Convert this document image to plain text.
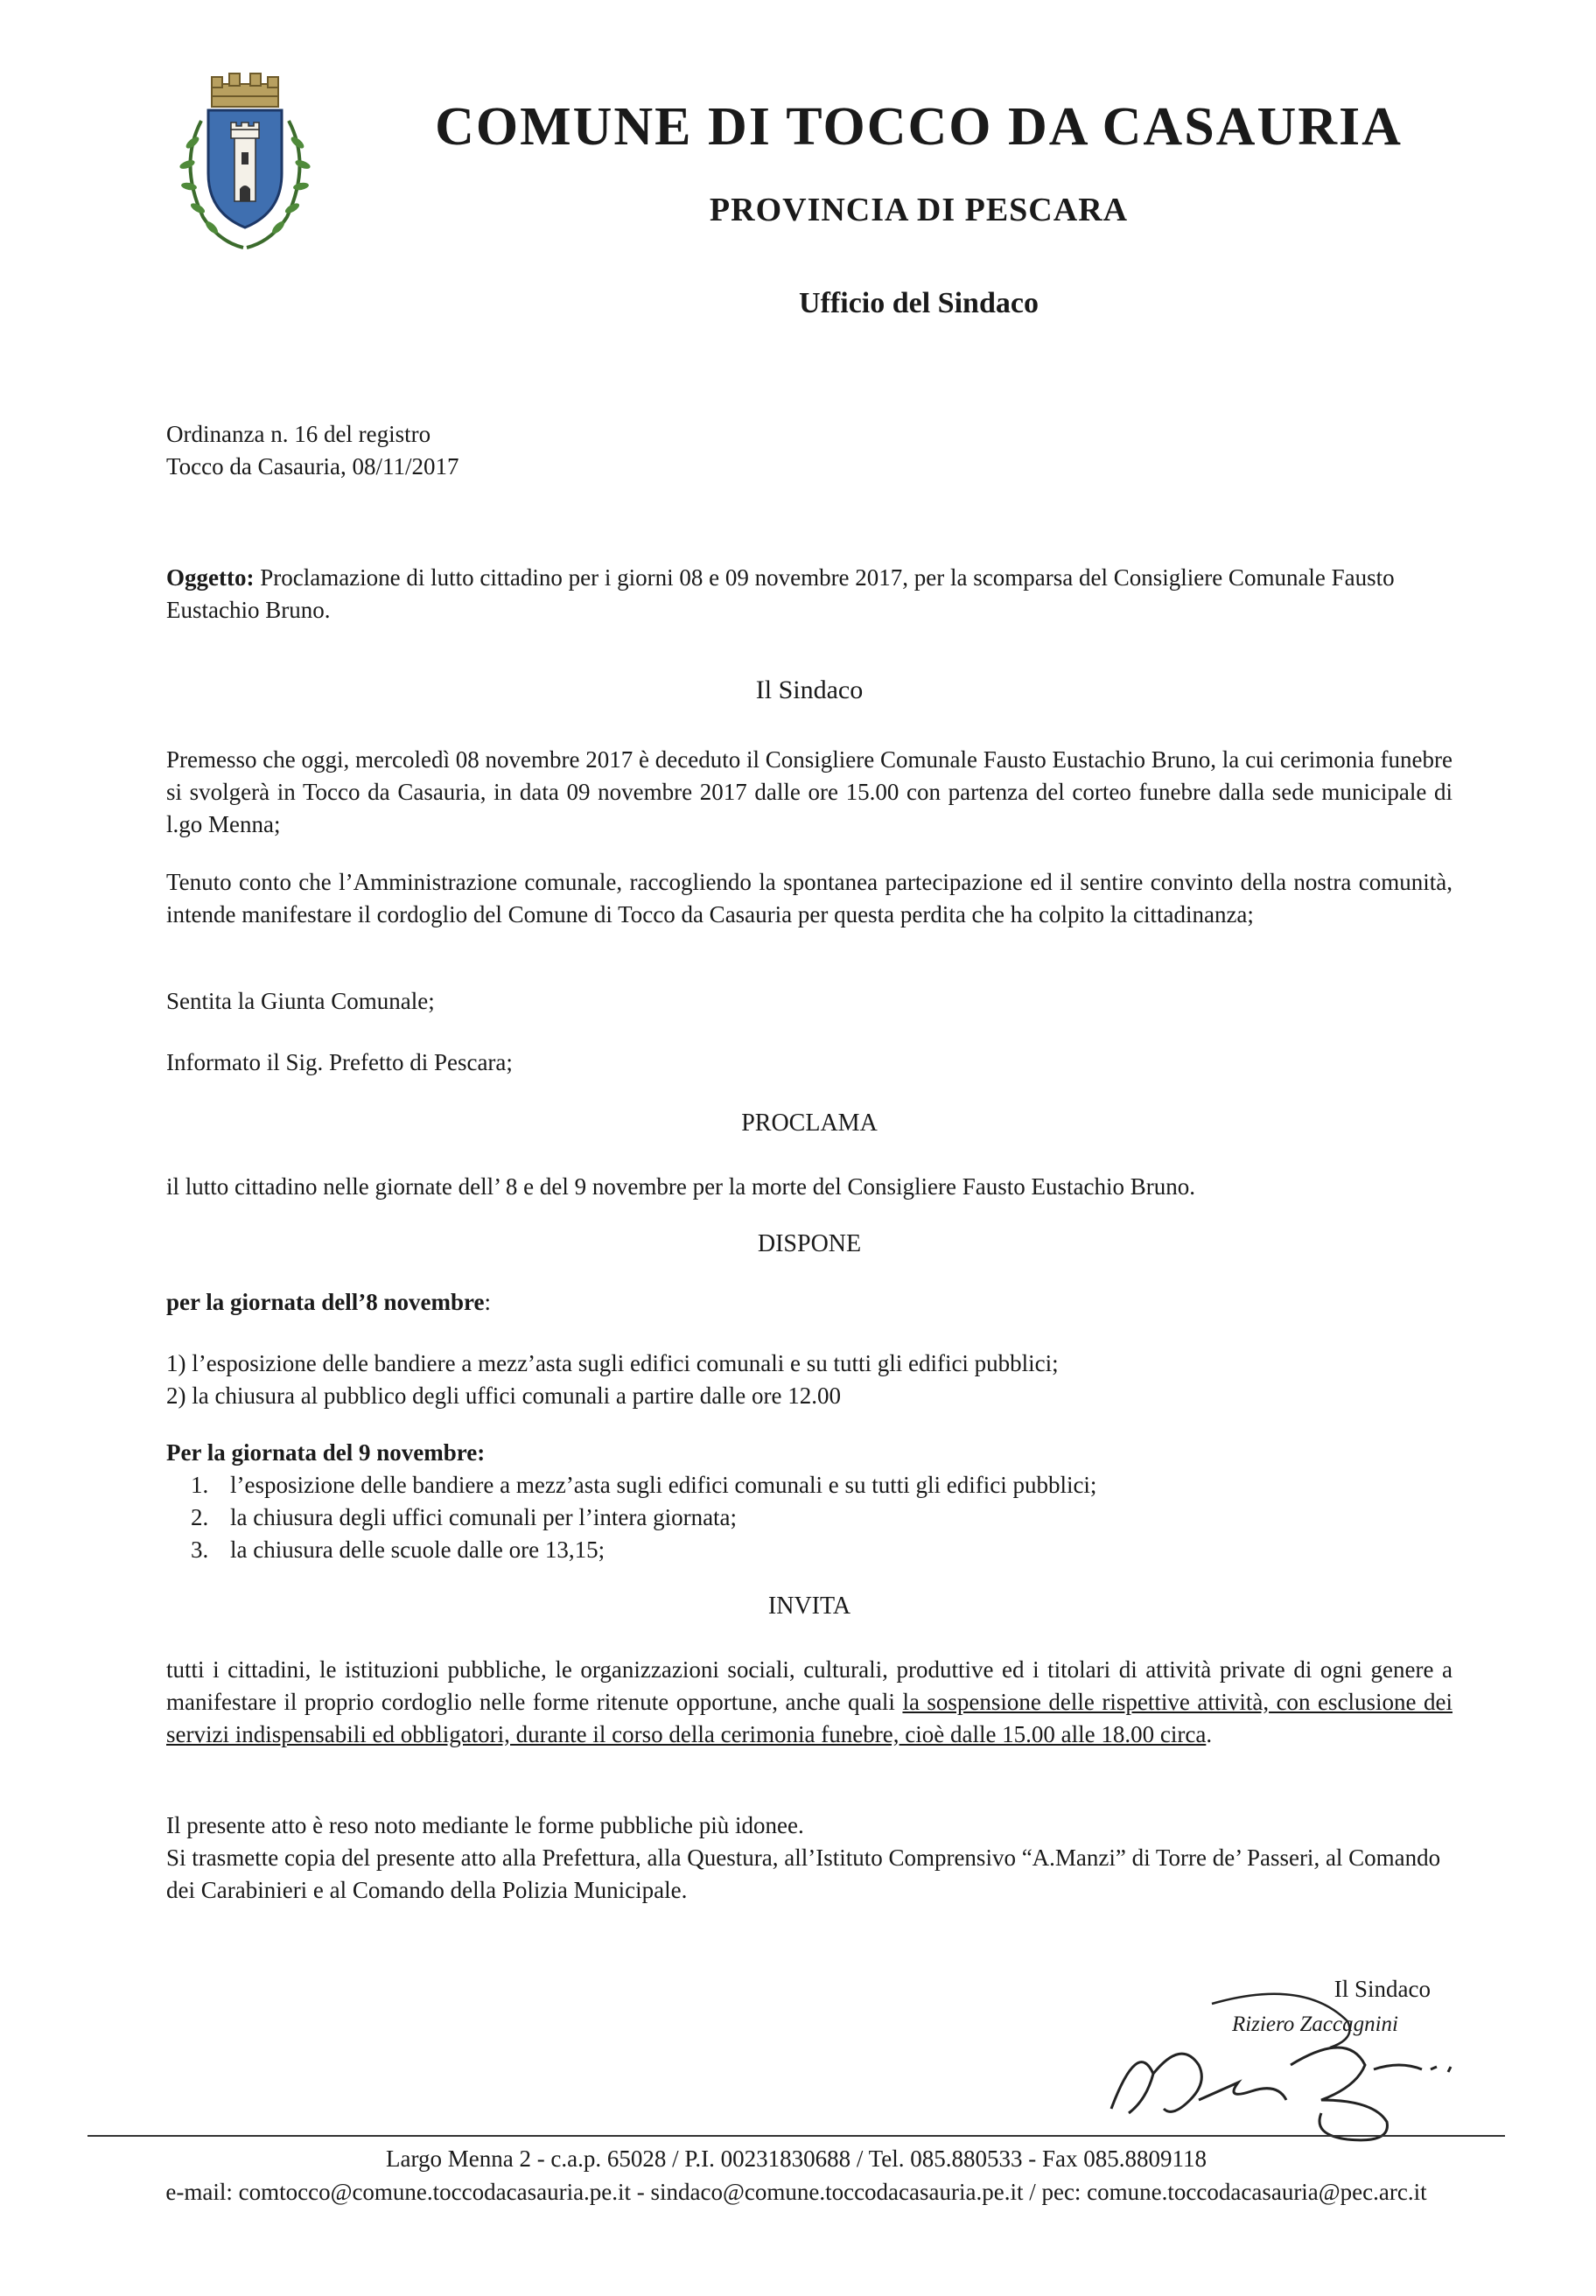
COMUNE DI TOCCO DA CASAURIA
PROVINCIA DI PESCARA
Ufficio del Sindaco

Ordinanza n. 16 del registro

Tocco da Casauria, 08/11/2017

Oggetto: Proclamazione di lutto cittadino per i giorni 08 e 09 novembre 2017, per la scomparsa del Consigliere Comunale Fausto Eustachio Bruno.

Il Sindaco

Premesso che oggi, mercoledì 08 novembre 2017 è deceduto il Consigliere Comunale Fausto Eustachio Bruno, la cui cerimonia funebre si svolgerà in Tocco da Casauria, in data 09 novembre 2017 dalle ore 15.00 con partenza del corteo funebre dalla sede municipale di l.go Menna;

Tenuto conto che l’Amministrazione comunale, raccogliendo la spontanea partecipazione ed il sentire convinto della nostra comunità, intende manifestare il cordoglio del Comune di Tocco da Casauria per questa perdita che ha colpito la cittadinanza;

Sentita la Giunta Comunale;

Informato il Sig. Prefetto di Pescara;

PROCLAMA

il lutto cittadino nelle giornate dell’ 8 e del 9 novembre per la morte del Consigliere Fausto Eustachio Bruno.

DISPONE

per la giornata dell’8 novembre:

1) l’esposizione delle bandiere a mezz’asta sugli edifici comunali e su tutti gli edifici pubblici;

2) la chiusura al pubblico degli uffici comunali a partire dalle ore 12.00

Per la giornata del 9 novembre:

1. l’esposizione delle bandiere a mezz’asta sugli edifici comunali e su tutti gli edifici pubblici;
2. la chiusura degli uffici comunali per l’intera giornata;
3. la chiusura delle scuole dalle ore 13,15;
INVITA

tutti i cittadini, le istituzioni pubbliche, le organizzazioni sociali, culturali, produttive ed i titolari di attività private di ogni genere a manifestare il proprio cordoglio nelle forme ritenute opportune, anche quali la sospensione delle rispettive attività, con esclusione dei servizi indispensabili ed obbligatori, durante il corso della cerimonia funebre, cioè dalle 15.00 alle 18.00 circa.

Il presente atto è reso noto mediante le forme pubbliche più idonee.

Si trasmette copia del presente atto alla Prefettura, alla Questura, all’Istituto Comprensivo “A.Manzi” di Torre de’ Passeri, al Comando dei Carabinieri e al Comando della Polizia Municipale.

Il Sindaco
Riziero Zaccagnini
Largo Menna 2 - c.a.p. 65028 / P.I. 00231830688 / Tel. 085.880533 - Fax 085.8809118
e-mail: comtocco@comune.toccodacasauria.pe.it - sindaco@comune.toccodacasauria.pe.it / pec: comune.toccodacasauria@pec.arc.it
